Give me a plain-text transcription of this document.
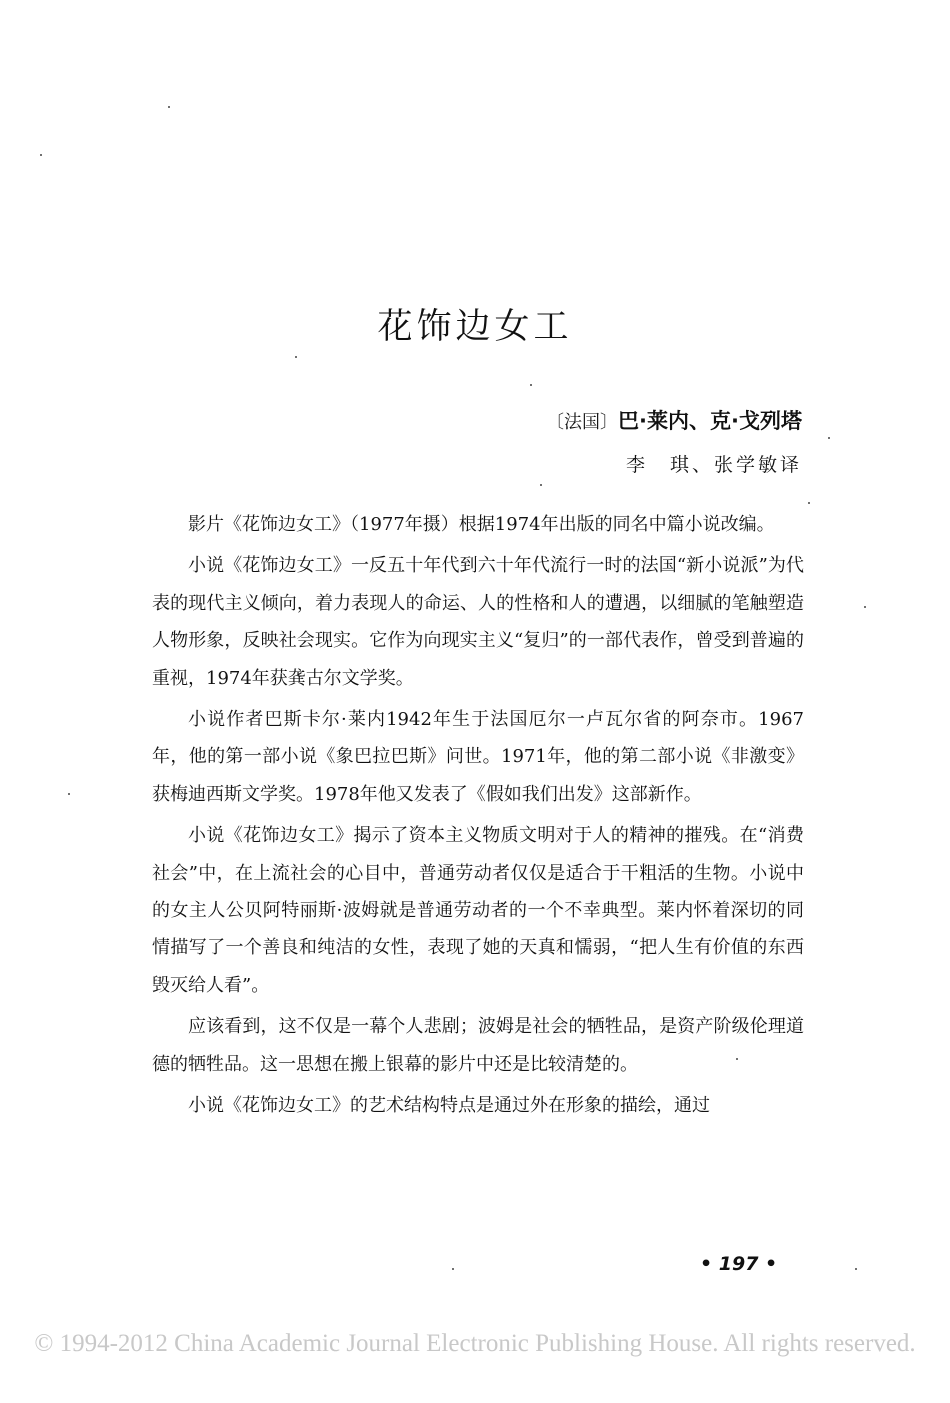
花饰边女工
〔法国〕巴·莱内、克·戈列塔
李　琪、张学敏译

影片《花饰边女工》（1977年摄）根据1974年出版的同名中篇小说改编。

小说《花饰边女工》一反五十年代到六十年代流行一时的法国“新小说派”为代表的现代主义倾向，着力表现人的命运、人的性格和人的遭遇，以细腻的笔触塑造人物形象，反映社会现实。它作为向现实主义“复归”的一部代表作，曾受到普遍的重视，1974年获龚古尔文学奖。

小说作者巴斯卡尔·莱内1942年生于法国厄尔一卢瓦尔省的阿奈市。1967年，他的第一部小说《象巴拉巴斯》问世。1971年，他的第二部小说《非激变》获梅迪西斯文学奖。1978年他又发表了《假如我们出发》这部新作。

小说《花饰边女工》揭示了资本主义物质文明对于人的精神的摧残。在“消费社会”中，在上流社会的心目中，普通劳动者仅仅是适合于干粗活的生物。小说中的女主人公贝阿特丽斯·波姆就是普通劳动者的一个不幸典型。莱内怀着深切的同情描写了一个善良和纯洁的女性，表现了她的天真和懦弱，“把人生有价值的东西毁灭给人看”。

应该看到，这不仅是一幕个人悲剧；波姆是社会的牺牲品，是资产阶级伦理道德的牺牲品。这一思想在搬上银幕的影片中还是比较清楚的。

小说《花饰边女工》的艺术结构特点是通过外在形象的描绘，通过

• 197 •
© 1994-2012 China Academic Journal Electronic Publishing House. All rights reserved.
